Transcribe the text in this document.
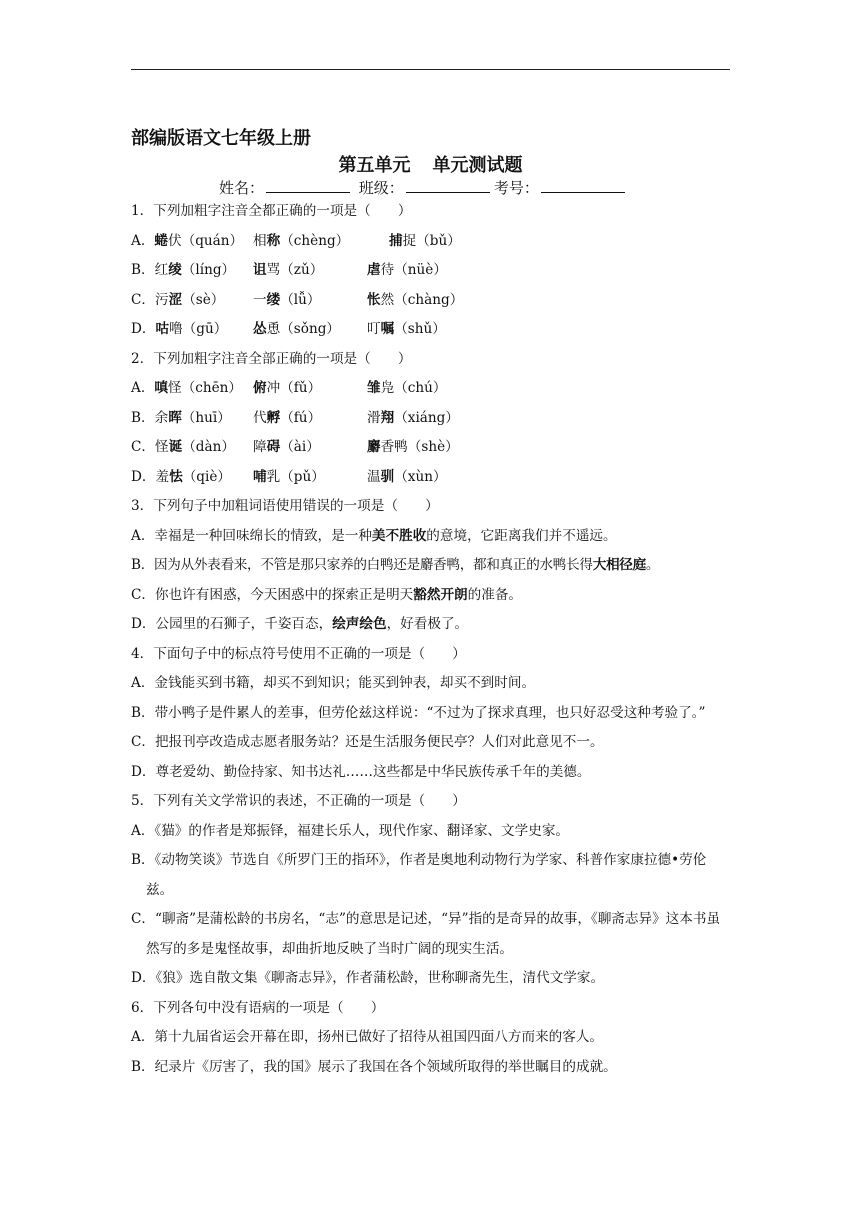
部编版语文七年级上册
第五单元 单元测试题
姓名：	班级：	考号：
1．下列加粗字注音全都正确的一项是（　　）
A．蜷伏（quán） 相称（chèng）	捕捉（bǔ）
B．红绫（líng） 诅骂（zǔ）	虐待（nüè）
C．污涩（sè） 一缕（lǚ）	怅然（chàng）
D．咕噜（gū） 怂恿（sǒng） 叮嘱（shǔ）
2．下列加粗字注音全部正确的一项是（　　）
A．嗔怪（chēn） 俯冲（fǔ）	雏凫（chú）
B．余晖（huī） 代孵（fú）	滑翔（xiáng）
C．怪诞（dàn） 障碍（ài）	麝香鸭（shè）
D．羞怯（qiè） 哺乳（pǔ）	温驯（xùn）
3．下列句子中加粗词语使用错误的一项是（　　）
A．幸福是一种回味绵长的情致，是一种美不胜收的意境，它距离我们并不遥远。
B．因为从外表看来，不管是那只家养的白鸭还是麝香鸭，都和真正的水鸭长得大相径庭。
C．你也许有困惑，今天困惑中的探索正是明天豁然开朗的准备。
D．公园里的石狮子，千姿百态，绘声绘色，好看极了。
4．下面句子中的标点符号使用不正确的一项是（　　）
A．金钱能买到书籍，却买不到知识；能买到钟表，却买不到时间。
B．带小鸭子是件累人的差事，但劳伦兹这样说：“不过为了探求真理，也只好忍受这种考验了。”
C．把报刊亭改造成志愿者服务站？还是生活服务便民亭？人们对此意见不一。
D．尊老爱幼、勤俭持家、知书达礼……这些都是中华民族传承千年的美德。
5．下列有关文学常识的表述，不正确的一项是（　　）
A．《猫》的作者是郑振铎，福建长乐人，现代作家、翻译家、文学史家。
B．《动物笑谈》节选自《所罗门王的指环》，作者是奥地利动物行为学家、科普作家康拉德•劳伦兹。
C．“聊斋”是蒲松龄的书房名，“志”的意思是记述，“异”指的是奇异的故事，《聊斋志异》这本书虽然写的多是鬼怪故事，却曲折地反映了当时广阔的现实生活。
D．《狼》选自散文集《聊斋志异》，作者蒲松龄，世称聊斋先生，清代文学家。
6．下列各句中没有语病的一项是（　　）
A．第十九届省运会开幕在即，扬州已做好了招待从祖国四面八方而来的客人。
B．纪录片《厉害了，我的国》展示了我国在各个领域所取得的举世瞩目的成就。
